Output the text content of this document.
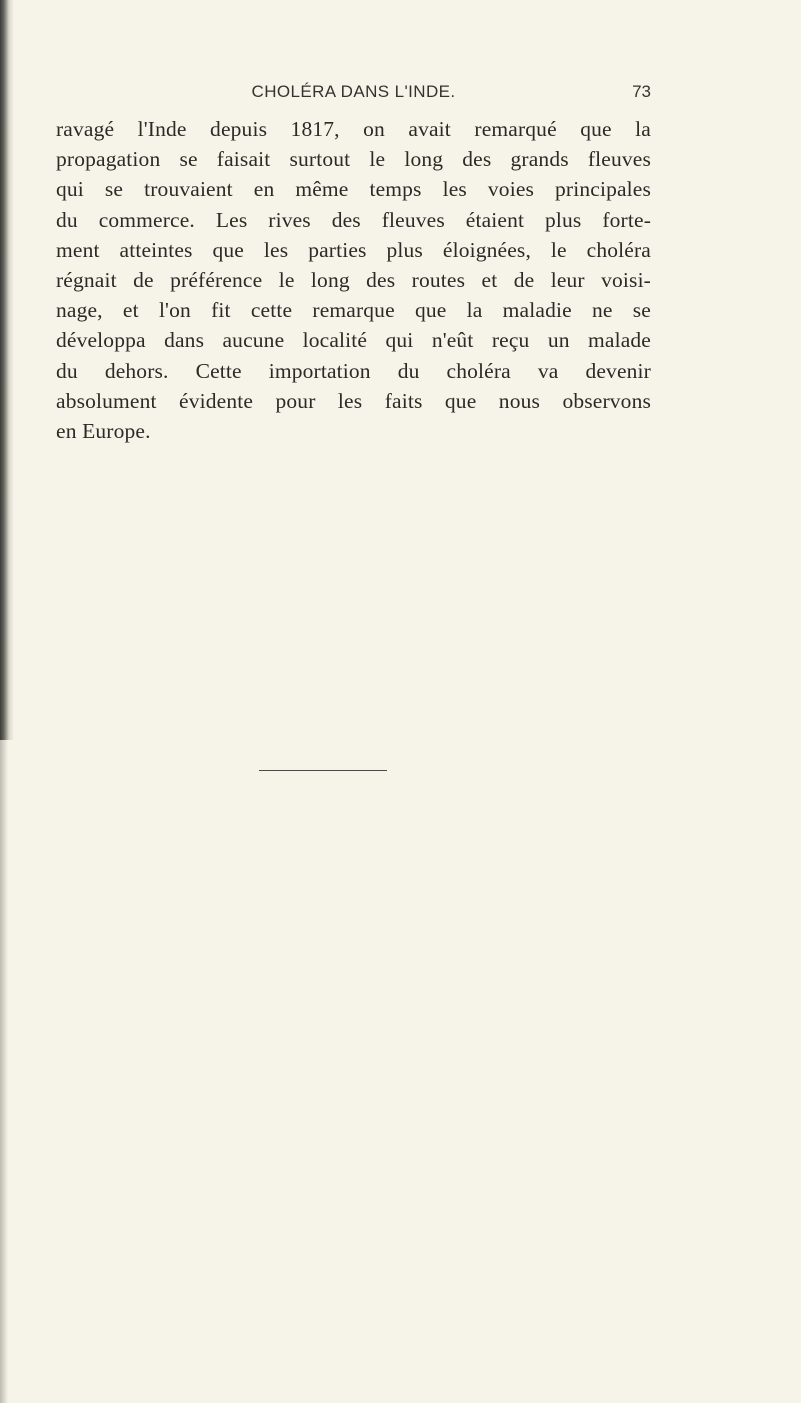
CHOLÉRA DANS L'INDE.	73
ravagé l'Inde depuis 1817, on avait remarqué que la
propagation se faisait surtout le long des grands fleuves
qui se trouvaient en même temps les voies principales
du commerce. Les rives des fleuves étaient plus forte-
ment atteintes que les parties plus éloignées, le choléra
régnait de préférence le long des routes et de leur voisi-
nage, et l'on fit cette remarque que la maladie ne se
développa dans aucune localité qui n'eût reçu un malade
du dehors. Cette importation du choléra va devenir
absolument évidente pour les faits que nous observons
en Europe.
